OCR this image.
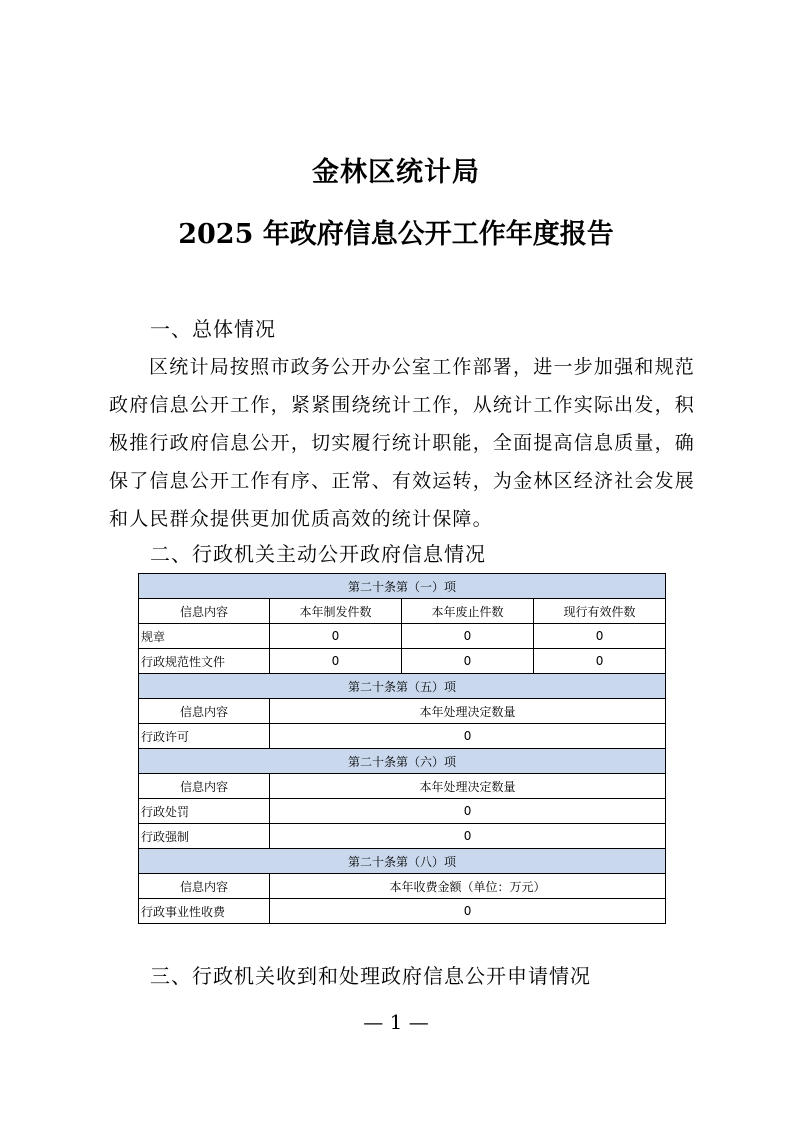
金林区统计局
2025 年政府信息公开工作年度报告
一、总体情况

区统计局按照市政务公开办公室工作部署，进一步加强和规范政府信息公开工作，紧紧围绕统计工作，从统计工作实际出发，积极推行政府信息公开，切实履行统计职能，全面提高信息质量，确保了信息公开工作有序、正常、有效运转，为金林区经济社会发展和人民群众提供更加优质高效的统计保障。

二、行政机关主动公开政府信息情况
第二十条第（一）项			
信息内容	本年制发件数	本年废止件数	现行有效件数
规章	0	0	0
行政规范性文件	0	0	0
第二十条第（五）项			
信息内容	本年处理决定数量		
行政许可	0		
第二十条第（六）项			
信息内容	本年处理决定数量		
行政处罚	0		
行政强制	0		
第二十条第（八）项			
信息内容	本年收费金额（单位：万元）		
行政事业性收费	0		
三、行政机关收到和处理政府信息公开申请情况
— 1 —
